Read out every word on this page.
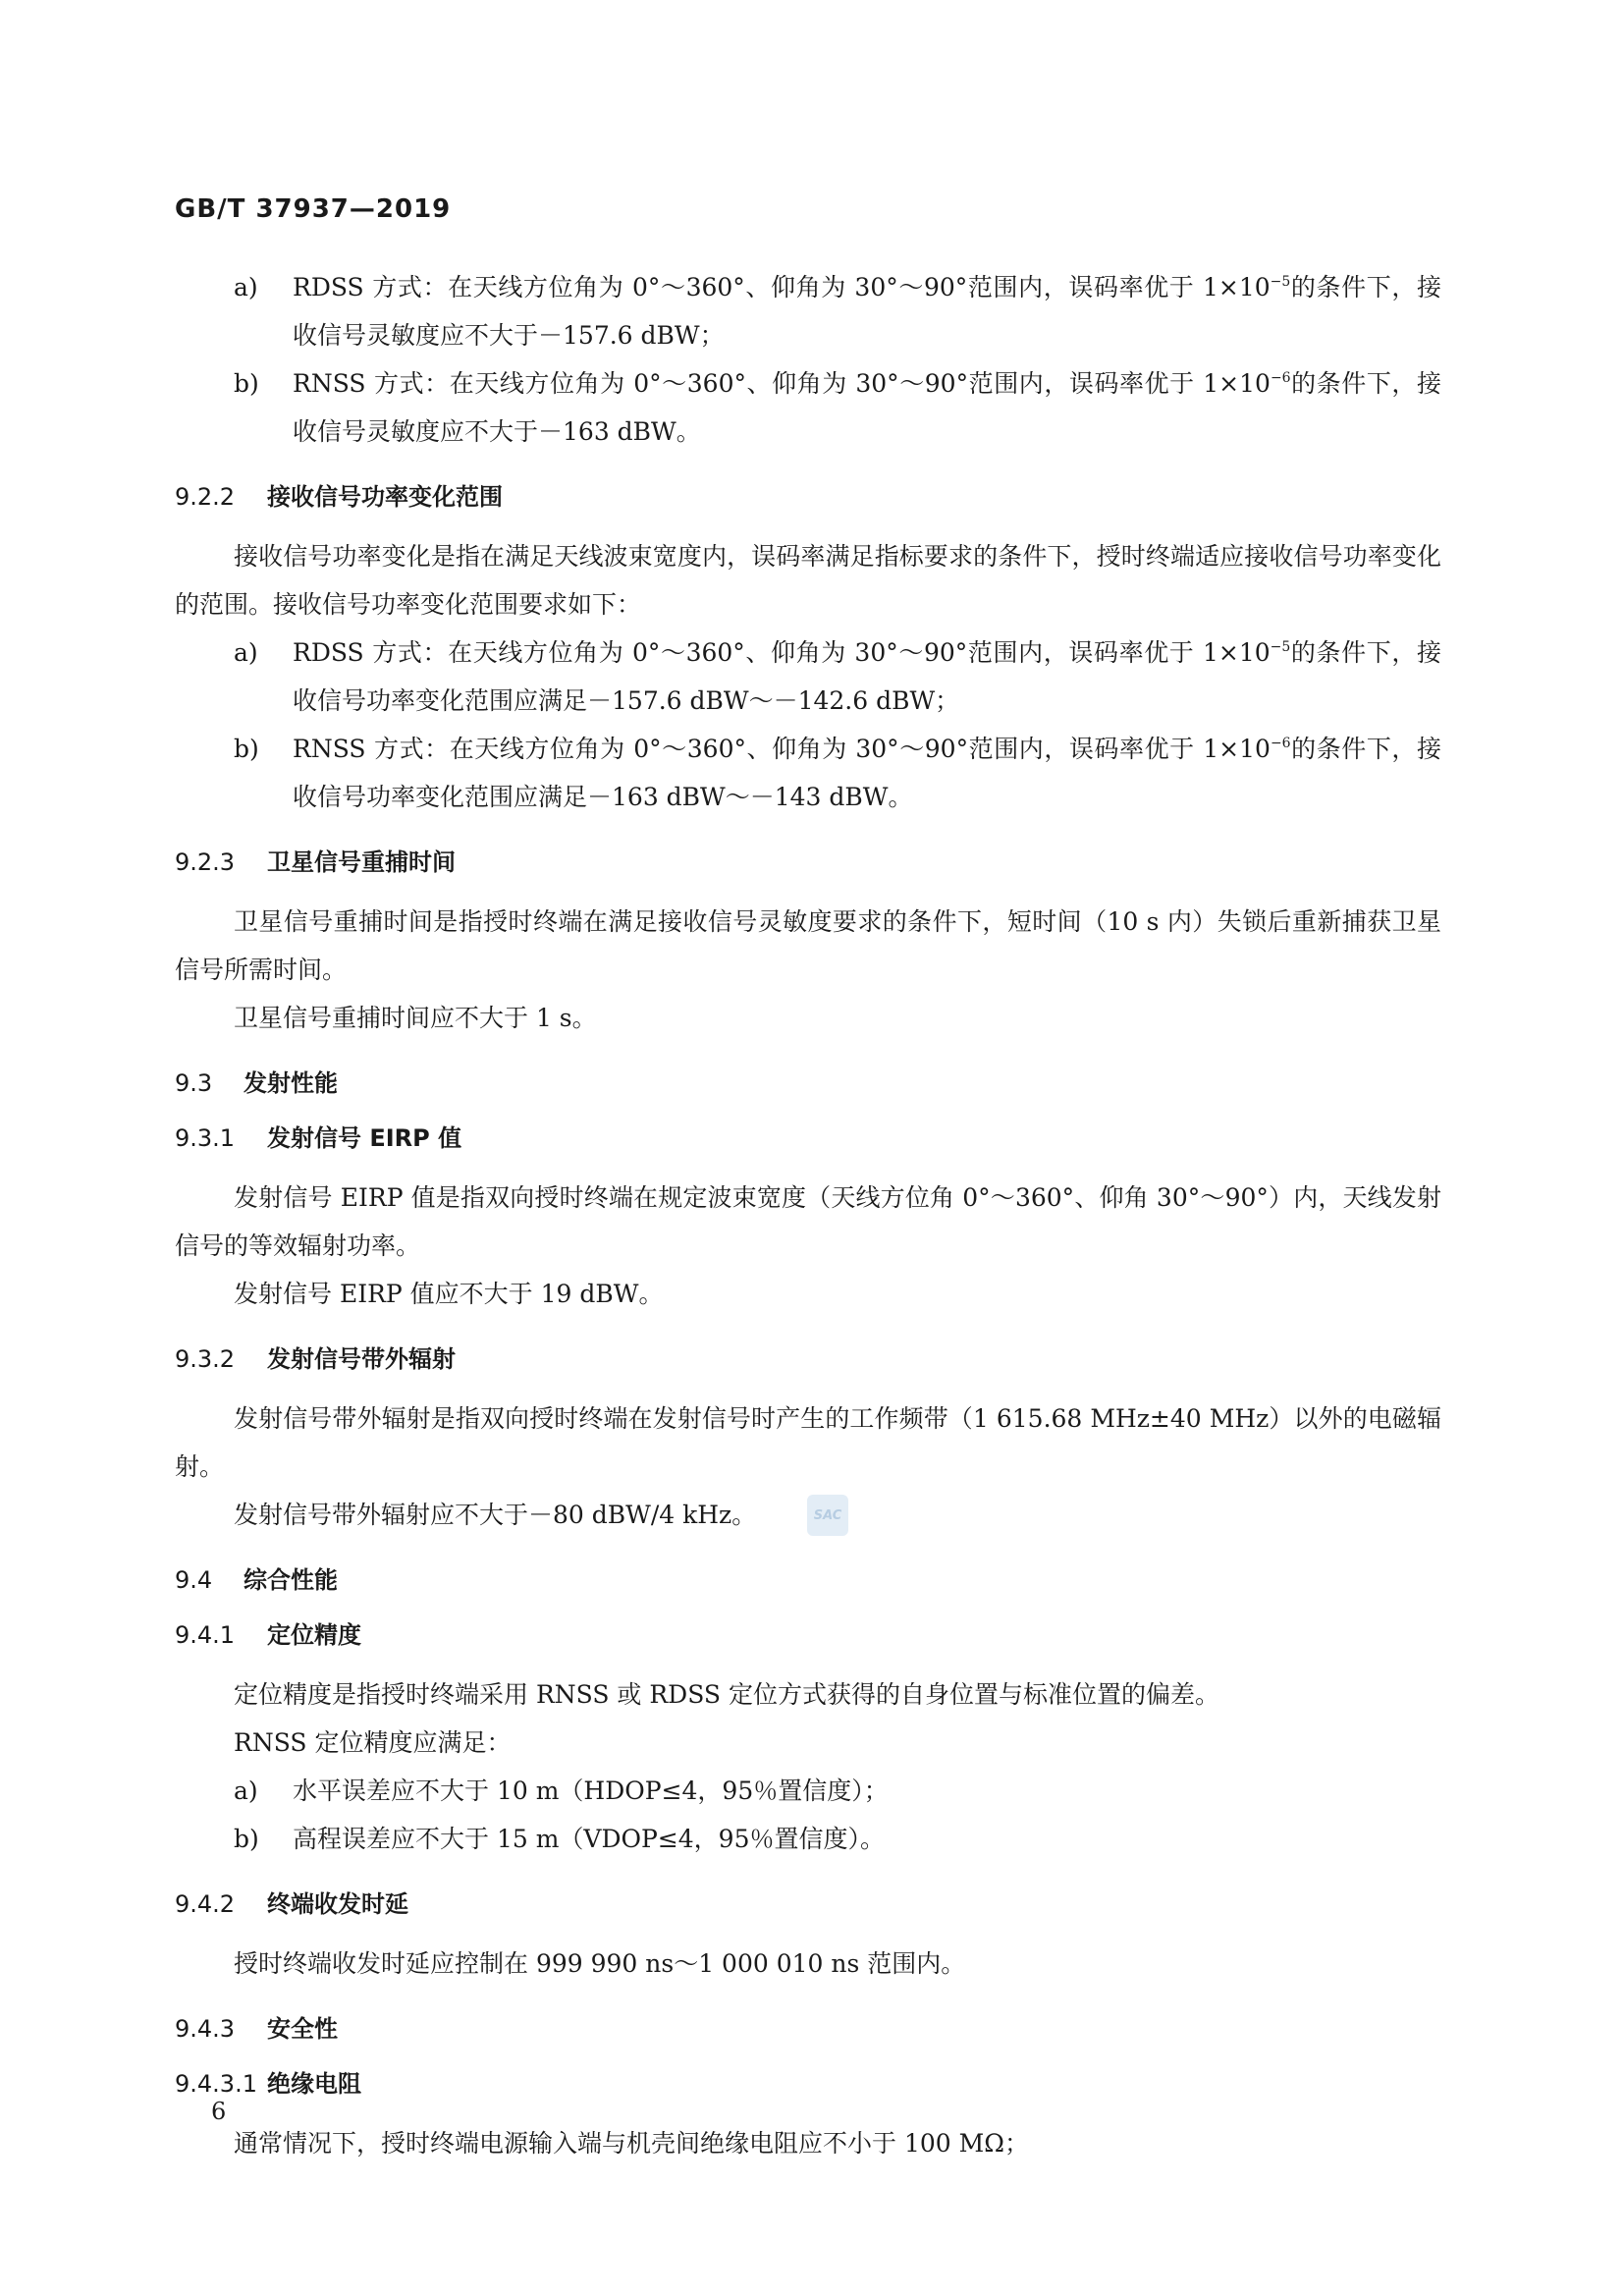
GB/T 37937—2019
a)	RDSS 方式：在天线方位角为 0°～360°、仰角为 30°～90°范围内，误码率优于 $1\times 10^{-5}$的条件下，接收信号灵敏度应不大于－157.6 dBW；
b)	RNSS 方式：在天线方位角为 0°～360°、仰角为 30°～90°范围内，误码率优于 $1\times 10^{-6}$的条件下，接收信号灵敏度应不大于－163 dBW。
9.2.2 接收信号功率变化范围

接收信号功率变化是指在满足天线波束宽度内，误码率满足指标要求的条件下，授时终端适应接收信号功率变化的范围。接收信号功率变化范围要求如下：

a)	RDSS 方式：在天线方位角为 0°～360°、仰角为 30°～90°范围内，误码率优于 $1\times 10^{-5}$的条件下，接收信号功率变化范围应满足－157.6 dBW～－142.6 dBW；
b)	RNSS 方式：在天线方位角为 0°～360°、仰角为 30°～90°范围内，误码率优于 $1\times 10^{-6}$的条件下，接收信号功率变化范围应满足－163 dBW～－143 dBW。
9.2.3 卫星信号重捕时间

卫星信号重捕时间是指授时终端在满足接收信号灵敏度要求的条件下，短时间（10 s 内）失锁后重新捕获卫星信号所需时间。

卫星信号重捕时间应不大于 1 s。

9.3 发射性能
9.3.1 发射信号 EIRP 值

发射信号 EIRP 值是指双向授时终端在规定波束宽度（天线方位角 0°～360°、仰角 30°～90°）内，天线发射信号的等效辐射功率。

发射信号 EIRP 值应不大于 19 dBW。

9.3.2 发射信号带外辐射

发射信号带外辐射是指双向授时终端在发射信号时产生的工作频带（1 615.68 MHz±40 MHz）以外的电磁辐射。

发射信号带外辐射应不大于－80 dBW/4 kHz。

9.4 综合性能
9.4.1 定位精度

定位精度是指授时终端采用 RNSS 或 RDSS 定位方式获得的自身位置与标准位置的偏差。

RNSS 定位精度应满足：

a)	水平误差应不大于 10 m（HDOP≤4，95％置信度）；
b)	高程误差应不大于 15 m（VDOP≤4，95％置信度）。
9.4.2 终端收发时延

授时终端收发时延应控制在 999 990 ns～1 000 010 ns 范围内。

9.4.3 安全性
9.4.3.1 绝缘电阻

通常情况下，授时终端电源输入端与机壳间绝缘电阻应不小于 100 MΩ；

SAC
6
